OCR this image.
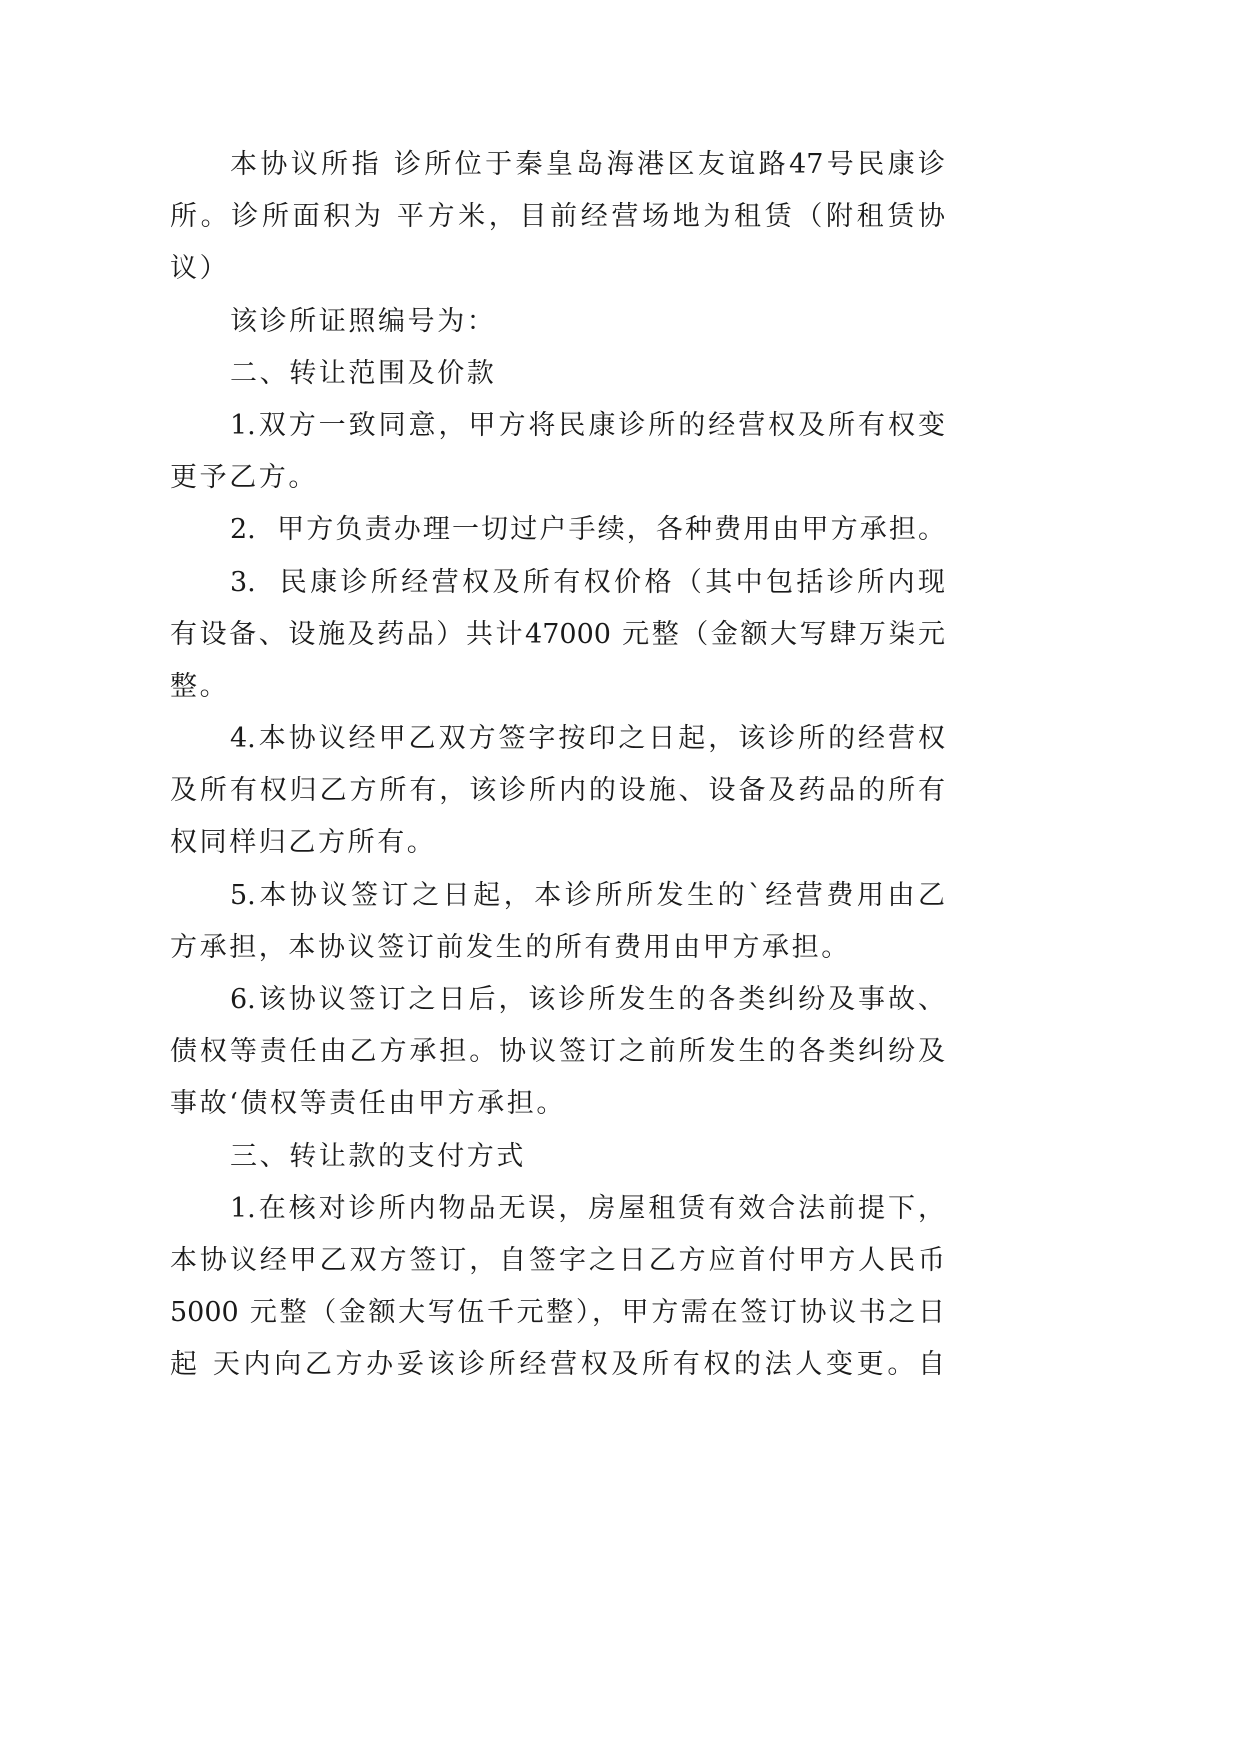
本协议所指 诊所位于秦皇岛海港区友谊路47号民康诊
所。诊所面积为 平方米，目前经营场地为租赁（附租赁协
议）
该诊所证照编号为：
二、转让范围及价款
1.双方一致同意，甲方将民康诊所的经营权及所有权变
更予乙方。
2.  甲方负责办理一切过户手续，各种费用由甲方承担。
3.  民康诊所经营权及所有权价格（其中包括诊所内现
有设备、设施及药品）共计47000 元整（金额大写肆万柒元
整。
4.本协议经甲乙双方签字按印之日起，该诊所的经营权
及所有权归乙方所有，该诊所内的设施、设备及药品的所有
权同样归乙方所有。
5.本协议签订之日起，本诊所所发生的`经营费用由乙
方承担，本协议签订前发生的所有费用由甲方承担。
6.该协议签订之日后，该诊所发生的各类纠纷及事故、
债权等责任由乙方承担。协议签订之前所发生的各类纠纷及
事故‘债权等责任由甲方承担。
三、转让款的支付方式
1.在核对诊所内物品无误，房屋租赁有效合法前提下，
本协议经甲乙双方签订，自签字之日乙方应首付甲方人民币
5000 元整（金额大写伍千元整），甲方需在签订协议书之日
起 天内向乙方办妥该诊所经营权及所有权的法人变更。自
